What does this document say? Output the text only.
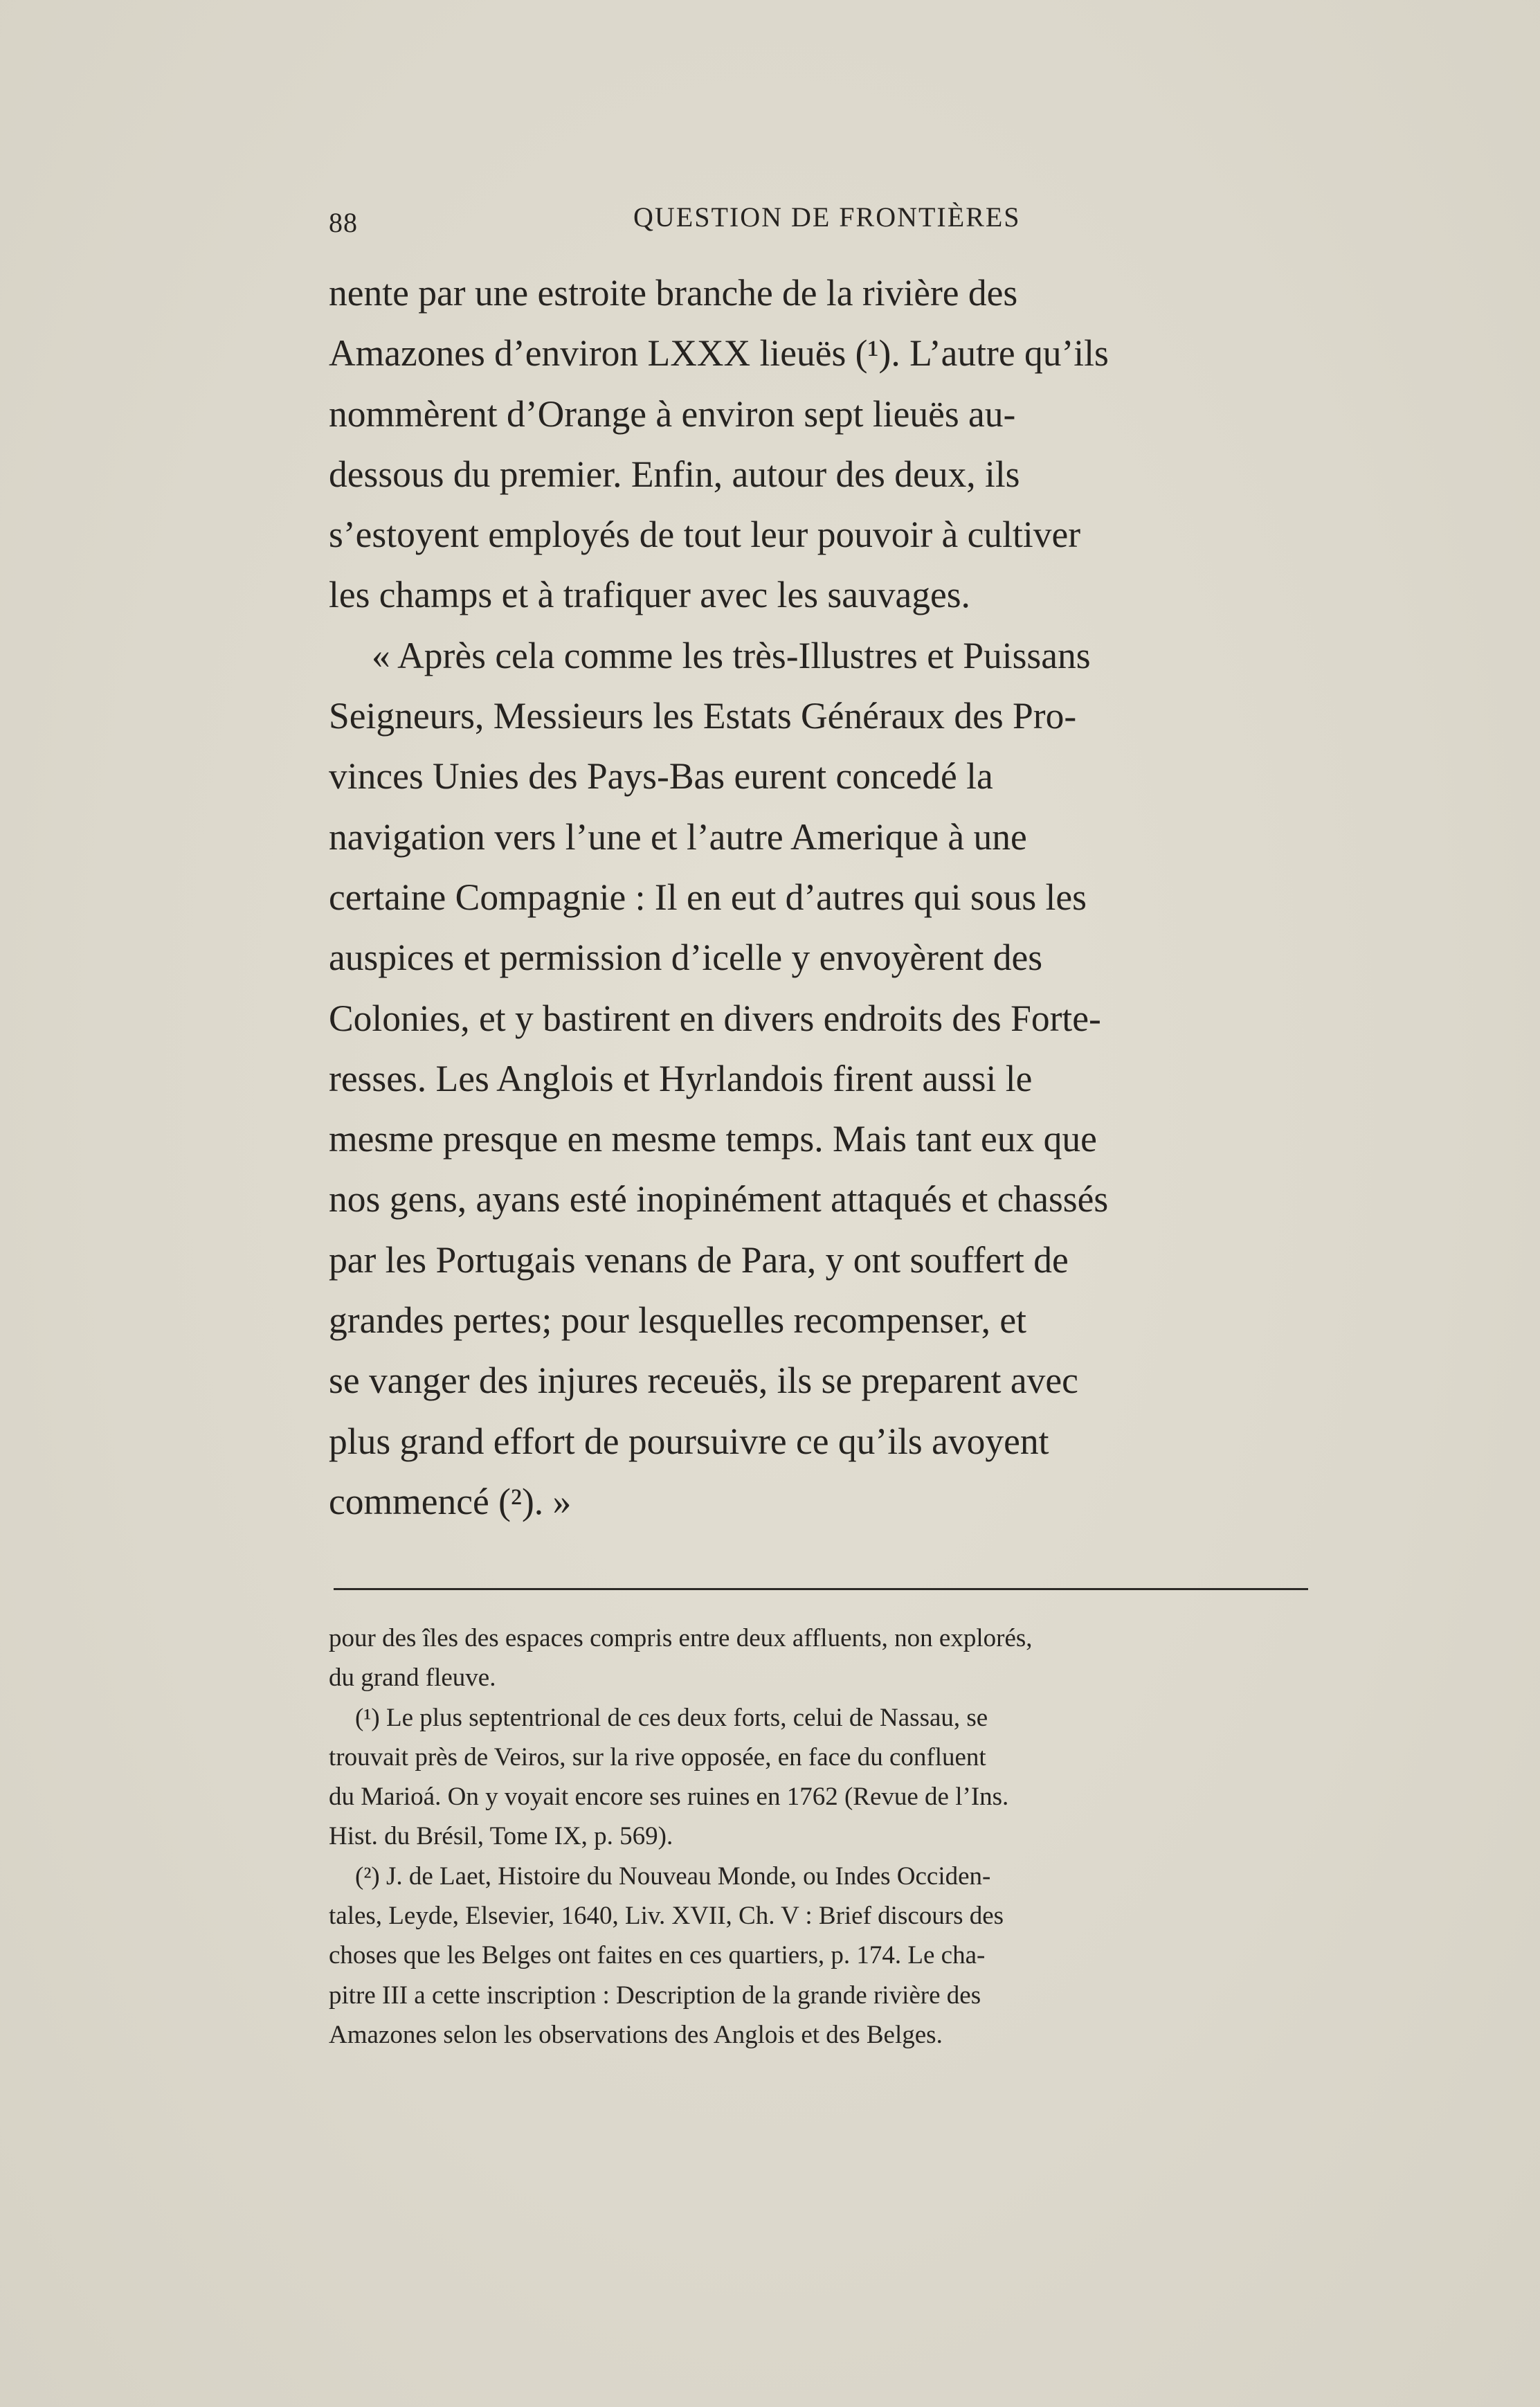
88	QUESTION DE FRONTIÈRES
nente par une estroite branche de la rivière des
Amazones d’environ LXXX lieuës (¹). L’autre qu’ils
nommèrent d’Orange à environ sept lieuës au-
dessous du premier. Enfin, autour des deux, ils
s’estoyent employés de tout leur pouvoir à cultiver
les champs et à trafiquer avec les sauvages.
« Après cela comme les très-Illustres et Puissans
Seigneurs, Messieurs les Estats Généraux des Pro-
vinces Unies des Pays-Bas eurent concedé la
navigation vers l’une et l’autre Amerique à une
certaine Compagnie : Il en eut d’autres qui sous les
auspices et permission d’icelle y envoyèrent des
Colonies, et y bastirent en divers endroits des Forte-
resses. Les Anglois et Hyrlandois firent aussi le
mesme presque en mesme temps. Mais tant eux que
nos gens, ayans esté inopinément attaqués et chassés
par les Portugais venans de Para, y ont souffert de
grandes pertes; pour lesquelles recompenser, et
se vanger des injures receuës, ils se preparent avec
plus grand effort de poursuivre ce qu’ils avoyent
commencé (²). »
pour des îles des espaces compris entre deux affluents, non explorés,
du grand fleuve.
(¹) Le plus septentrional de ces deux forts, celui de Nassau, se
trouvait près de Veiros, sur la rive opposée, en face du confluent
du Marioá. On y voyait encore ses ruines en 1762 (Revue de l’Ins.
Hist. du Brésil, Tome IX, p. 569).
(²) J. de Laet, Histoire du Nouveau Monde, ou Indes Occiden-
tales, Leyde, Elsevier, 1640, Liv. XVII, Ch. V : Brief discours des
choses que les Belges ont faites en ces quartiers, p. 174. Le cha-
pitre III a cette inscription : Description de la grande rivière des
Amazones selon les observations des Anglois et des Belges.
